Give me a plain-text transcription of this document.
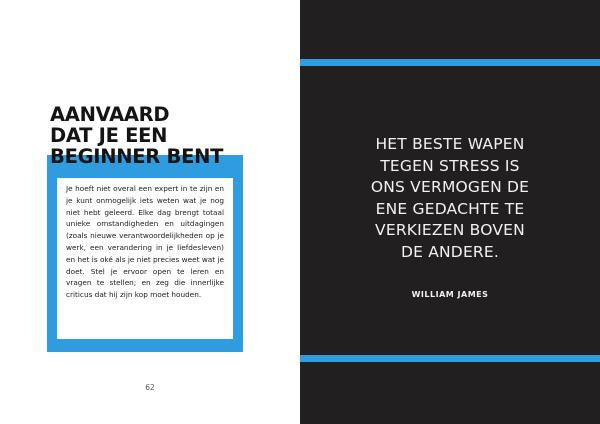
AANVAARD
DAT JE EEN
BEGINNER BENT

Je hoeft niet overal een expert in te zijn en je kunt onmogelijk iets weten wat je nog niet hebt geleerd. Elke dag brengt totaal unieke omstandigheden en uitdagingen (zoals nieuwe verantwoordelijkheden op je werk, een verandering in je liefdesleven) en het is oké als je niet precies weet wat je doet. Stel je ervoor open te leren en vragen te stellen; en zeg die innerlijke criticus dat hij zijn kop moet houden.

62

HET BESTE WAPEN
TEGEN STRESS IS
ONS VERMOGEN DE
ENE GEDACHTE TE
VERKIEZEN BOVEN
DE ANDERE.

WILLIAM JAMES
